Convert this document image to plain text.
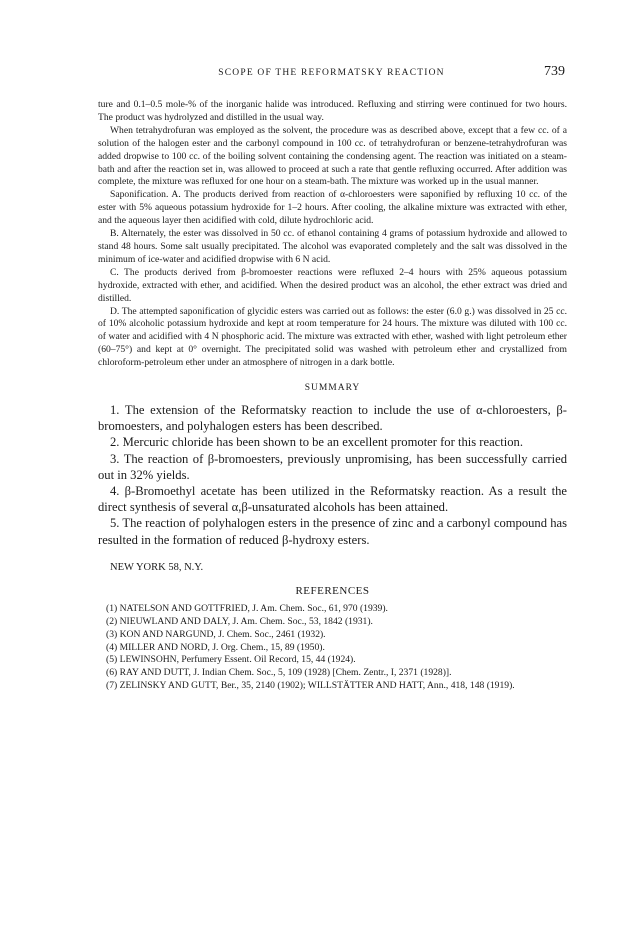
SCOPE OF THE REFORMATSKY REACTION	739

ture and 0.1–0.5 mole-% of the inorganic halide was introduced. Refluxing and stirring were continued for two hours. The product was hydrolyzed and distilled in the usual way.

When tetrahydrofuran was employed as the solvent, the procedure was as described above, except that a few cc. of a solution of the halogen ester and the carbonyl compound in 100 cc. of tetrahydrofuran or benzene-tetrahydrofuran was added dropwise to 100 cc. of the boiling solvent containing the condensing agent. The reaction was initiated on a steam-bath and after the reaction set in, was allowed to proceed at such a rate that gentle refluxing occurred. After addition was complete, the mixture was refluxed for one hour on a steam-bath. The mixture was worked up in the usual manner.

Saponification. A. The products derived from reaction of α-chloroesters were saponified by refluxing 10 cc. of the ester with 5% aqueous potassium hydroxide for 1–2 hours. After cooling, the alkaline mixture was extracted with ether, and the aqueous layer then acidified with cold, dilute hydrochloric acid.

B. Alternately, the ester was dissolved in 50 cc. of ethanol containing 4 grams of potassium hydroxide and allowed to stand 48 hours. Some salt usually precipitated. The alcohol was evaporated completely and the salt was dissolved in the minimum of ice-water and acidified dropwise with 6 N acid.

C. The products derived from β-bromoester reactions were refluxed 2–4 hours with 25% aqueous potassium hydroxide, extracted with ether, and acidified. When the desired product was an alcohol, the ether extract was dried and distilled.

D. The attempted saponification of glycidic esters was carried out as follows: the ester (6.0 g.) was dissolved in 25 cc. of 10% alcoholic potassium hydroxide and kept at room temperature for 24 hours. The mixture was diluted with 100 cc. of water and acidified with 4 N phosphoric acid. The mixture was extracted with ether, washed with light petroleum ether (60–75°) and kept at 0° overnight. The precipitated solid was washed with petroleum ether and crystallized from chloroform-petroleum ether under an atmosphere of nitrogen in a dark bottle.

SUMMARY

1. The extension of the Reformatsky reaction to include the use of α-chloroesters, β-bromoesters, and polyhalogen esters has been described.

2. Mercuric chloride has been shown to be an excellent promoter for this reaction.

3. The reaction of β-bromoesters, previously unpromising, has been successfully carried out in 32% yields.

4. β-Bromoethyl acetate has been utilized in the Reformatsky reaction. As a result the direct synthesis of several α,β-unsaturated alcohols has been attained.

5. The reaction of polyhalogen esters in the presence of zinc and a carbonyl compound has resulted in the formation of reduced β-hydroxy esters.

NEW YORK 58, N.Y.

REFERENCES
(1) NATELSON AND GOTTFRIED, J. Am. Chem. Soc., 61, 970 (1939).
(2) NIEUWLAND AND DALY, J. Am. Chem. Soc., 53, 1842 (1931).
(3) KON AND NARGUND, J. Chem. Soc., 2461 (1932).
(4) MILLER AND NORD, J. Org. Chem., 15, 89 (1950).
(5) LEWINSOHN, Perfumery Essent. Oil Record, 15, 44 (1924).
(6) RAY AND DUTT, J. Indian Chem. Soc., 5, 109 (1928) [Chem. Zentr., I, 2371 (1928)].
(7) ZELINSKY AND GUTT, Ber., 35, 2140 (1902); WILLSTÄTTER AND HATT, Ann., 418, 148 (1919).
